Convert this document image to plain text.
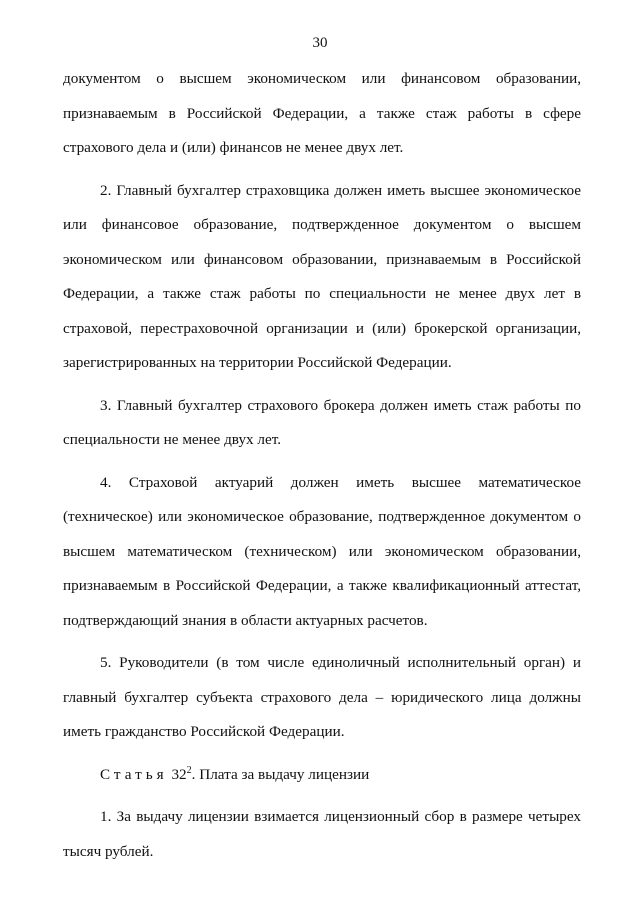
30

документом о высшем экономическом или финансовом образовании, признаваемым в Российской Федерации, а также стаж работы в сфере страхового дела и (или) финансов не менее двух лет.

2. Главный бухгалтер страховщика должен иметь высшее экономическое или финансовое образование, подтвержденное документом о высшем экономическом или финансовом образовании, признаваемым в Российской Федерации, а также стаж работы по специальности не менее двух лет в страховой, перестраховочной организации и (или) брокерской организации, зарегистрированных на территории Российской Федерации.

3. Главный бухгалтер страхового брокера должен иметь стаж работы по специальности не менее двух лет.

4. Страховой актуарий должен иметь высшее математическое (техническое) или экономическое образование, подтвержденное документом о высшем математическом (техническом) или экономическом образовании, признаваемым в Российской Федерации, а также квалификационный аттестат, подтверждающий знания в области актуарных расчетов.

5. Руководители (в том числе единоличный исполнительный орган) и главный бухгалтер субъекта страхового дела – юридического лица должны иметь гражданство Российской Федерации.

Статья $32^2$. Плата за выдачу лицензии

1. За выдачу лицензии взимается лицензионный сбор в размере четырех тысяч рублей.
